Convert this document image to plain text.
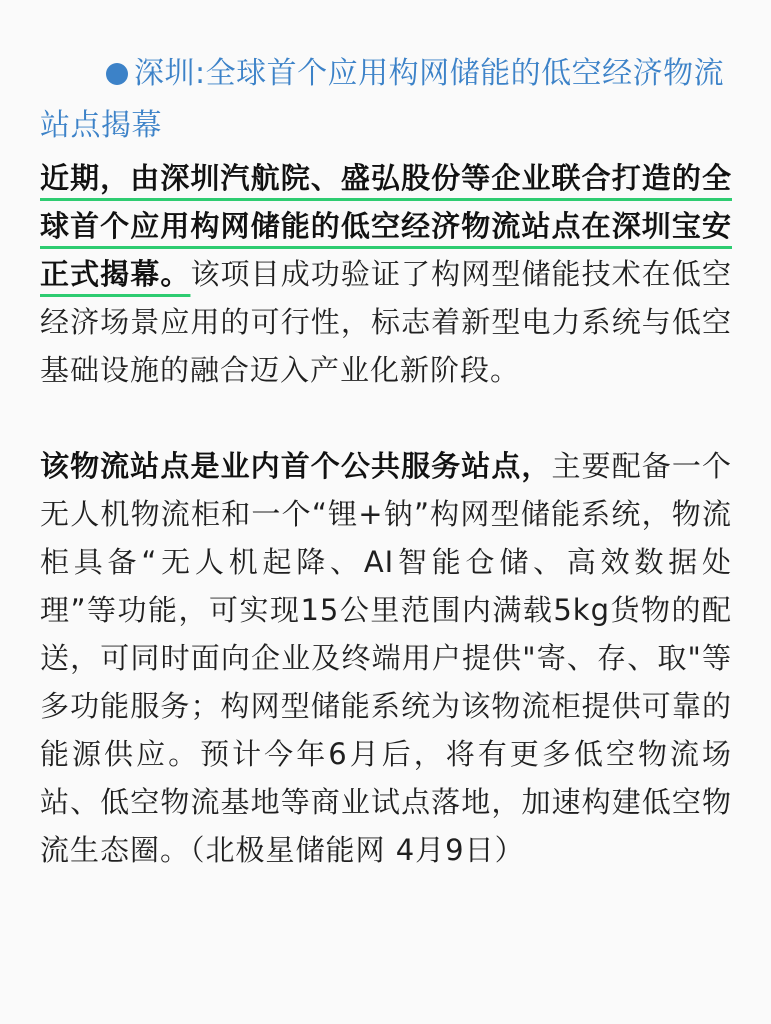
深圳:全球首个应用构网储能的低空经济物流站点揭幕

近期，由深圳汽航院、盛弘股份等企业联合打造的全球首个应用构网储能的低空经济物流站点在深圳宝安正式揭幕。该项目成功验证了构网型储能技术在低空经济场景应用的可行性，标志着新型电力系统与低空基础设施的融合迈入产业化新阶段。

该物流站点是业内首个公共服务站点，主要配备一个无人机物流柜和一个“锂+钠”构网型储能系统，物流柜具备“无人机起降、AI智能仓储、高效数据处理”等功能，可实现15公里范围内满载5kg货物的配送，可同时面向企业及终端用户提供"寄、存、取"等多功能服务；构网型储能系统为该物流柜提供可靠的能源供应。预计今年6月后，将有更多低空物流场站、低空物流基地等商业试点落地，加速构建低空物流生态圈。（北极星储能网 4月9日）
